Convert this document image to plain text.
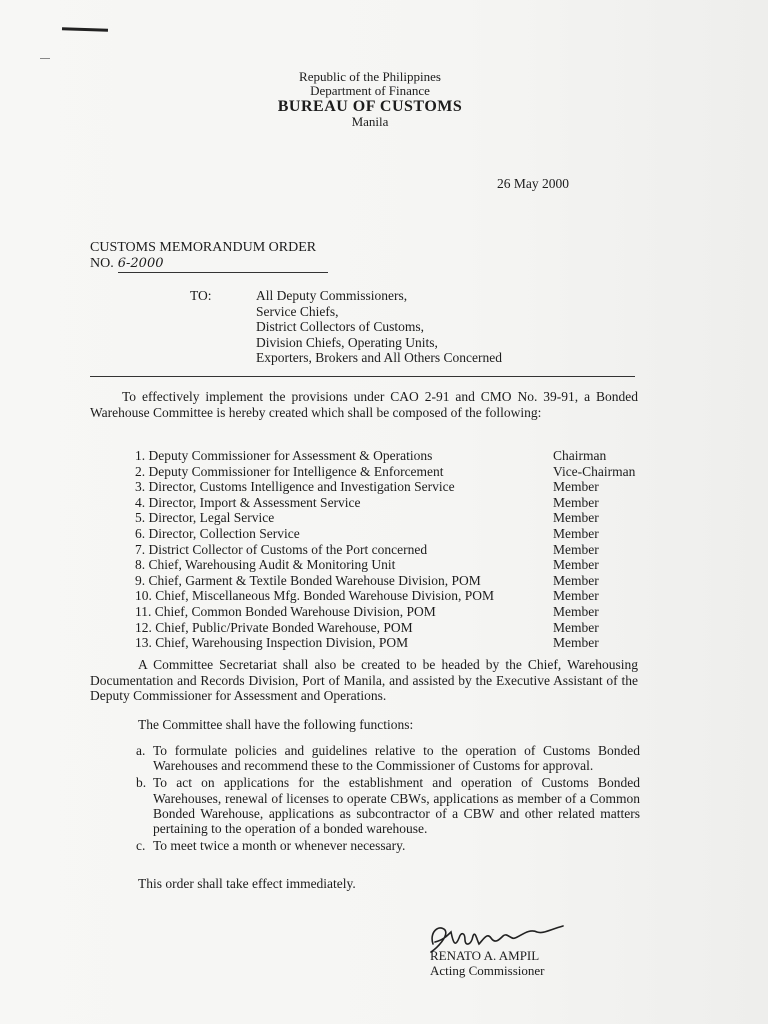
Republic of the Philippines
Department of Finance
BUREAU OF CUSTOMS
Manila
26 May 2000
CUSTOMS MEMORANDUM ORDER
NO. 6-2000
TO:	All Deputy Commissioners,
Service Chiefs,
District Collectors of Customs,
Division Chiefs, Operating Units,
Exporters, Brokers and All Others Concerned
To effectively implement the provisions under CAO 2-91 and CMO No. 39-91, a Bonded Warehouse Committee is hereby created which shall be composed of the following:
1. Deputy Commissioner for Assessment & Operations	Chairman
2. Deputy Commissioner for Intelligence & Enforcement	Vice-Chairman
3. Director, Customs Intelligence and Investigation Service	Member
4. Director, Import & Assessment Service	Member
5. Director, Legal Service	Member
6. Director, Collection Service	Member
7. District Collector of Customs of the Port concerned	Member
8. Chief, Warehousing Audit & Monitoring Unit	Member
9. Chief, Garment & Textile Bonded Warehouse Division, POM	Member
10. Chief, Miscellaneous Mfg. Bonded Warehouse Division, POM	Member
11. Chief, Common Bonded Warehouse Division, POM	Member
12. Chief, Public/Private Bonded Warehouse, POM	Member
13. Chief, Warehousing Inspection Division, POM	Member
A Committee Secretariat shall also be created to be headed by the Chief, Warehousing Documentation and Records Division, Port of Manila, and assisted by the Executive Assistant of the Deputy Commissioner for Assessment and Operations.
The Committee shall have the following functions:
a. To formulate policies and guidelines relative to the operation of Customs Bonded Warehouses and recommend these to the Commissioner of Customs for approval.
b. To act on applications for the establishment and operation of Customs Bonded Warehouses, renewal of licenses to operate CBWs, applications as member of a Common Bonded Warehouse, applications as subcontractor of a CBW and other related matters pertaining to the operation of a bonded warehouse.
c. To meet twice a month or whenever necessary.
This order shall take effect immediately.
RENATO A. AMPIL
Acting Commissioner
